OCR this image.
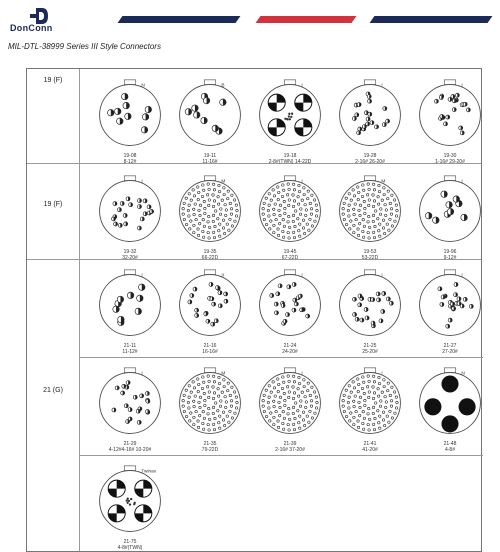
DonConn
MIL-DTL-38999 Series III Style Connectors
19 (F)
19 (F)
21 (G)
N
19-08
8-12#
B
19-11
11-16#
I
19-18
2-8#(TWN) 14-22D
I
19-28
2-16# 26-20#
I
19-30
1-16# 29-20#
I
19-32
32-20#
M
19-35
66-22D
I
19-45
67-22D
M
19-53
53-22D
I
19-96
9-12#
I
21-11
11-12#
II
21-16
16-16#
I
21-24
24-20#
I
21-25
25-20#
I
21-27
27-20#
I
21-29
4-12#4-16# 10-20#
M
21-35
79-22D
I
21-39
2-16# 37-20#
I
21-41
41-20#
N
21-48
4-8#
Twinax
21-75
4-8#(TWN)
